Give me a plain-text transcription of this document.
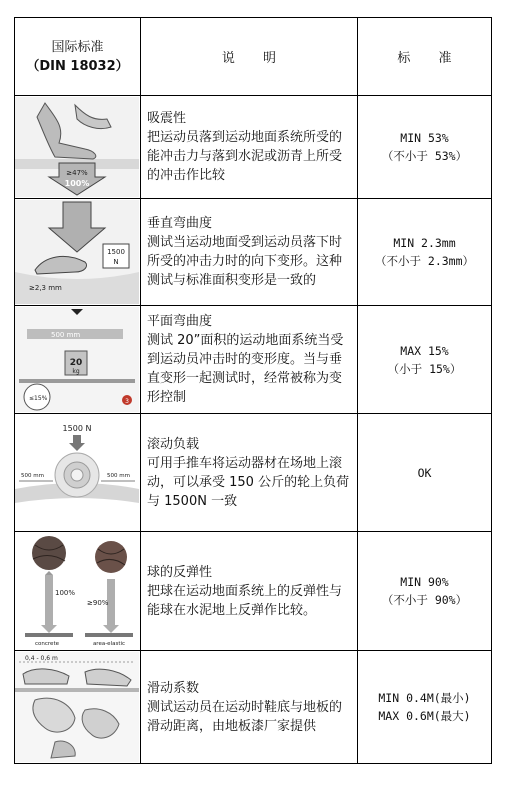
国际标准
（DIN 18032）	说 明	标 准

≥47%
100%	吸震性
把运动员落到运动地面系统所受的能冲击力与落到水泥或沥青上所受的冲击作比较	MIN 53%
（不小于 53%）

1500
N
≥2,3 mm	垂直弯曲度
测试当运动地面受到运动员落下时所受的冲击力时的向下变形。这种测试与标准面积变形是一致的	MIN 2.3mm
（不小于 2.3mm）

500 mm
20
kg
≤15% 3	平面弯曲度
测试 20”面积的运动地面系统当受到运动员冲击时的变形度。当与垂直变形一起测试时，经常被称为变形控制	MAX 15%
（小于 15%）

1500 N
500 mm 500 mm	滚动负载
可用手推车将运动器材在场地上滚动，可以承受 150 公斤的轮上负荷与 1500N 一致	OK

100%
≥90%
concrete area-elastic	球的反弹性
把球在运动地面系统上的反弹性与能球在水泥地上反弹作比较。	MIN 90%
（不小于 90%）

0,4 - 0,6 m	滑动系数
测试运动员在运动时鞋底与地板的滑动距离，由地板漆厂家提供	MIN 0.4M(最小)
MAX 0.6M(最大)
